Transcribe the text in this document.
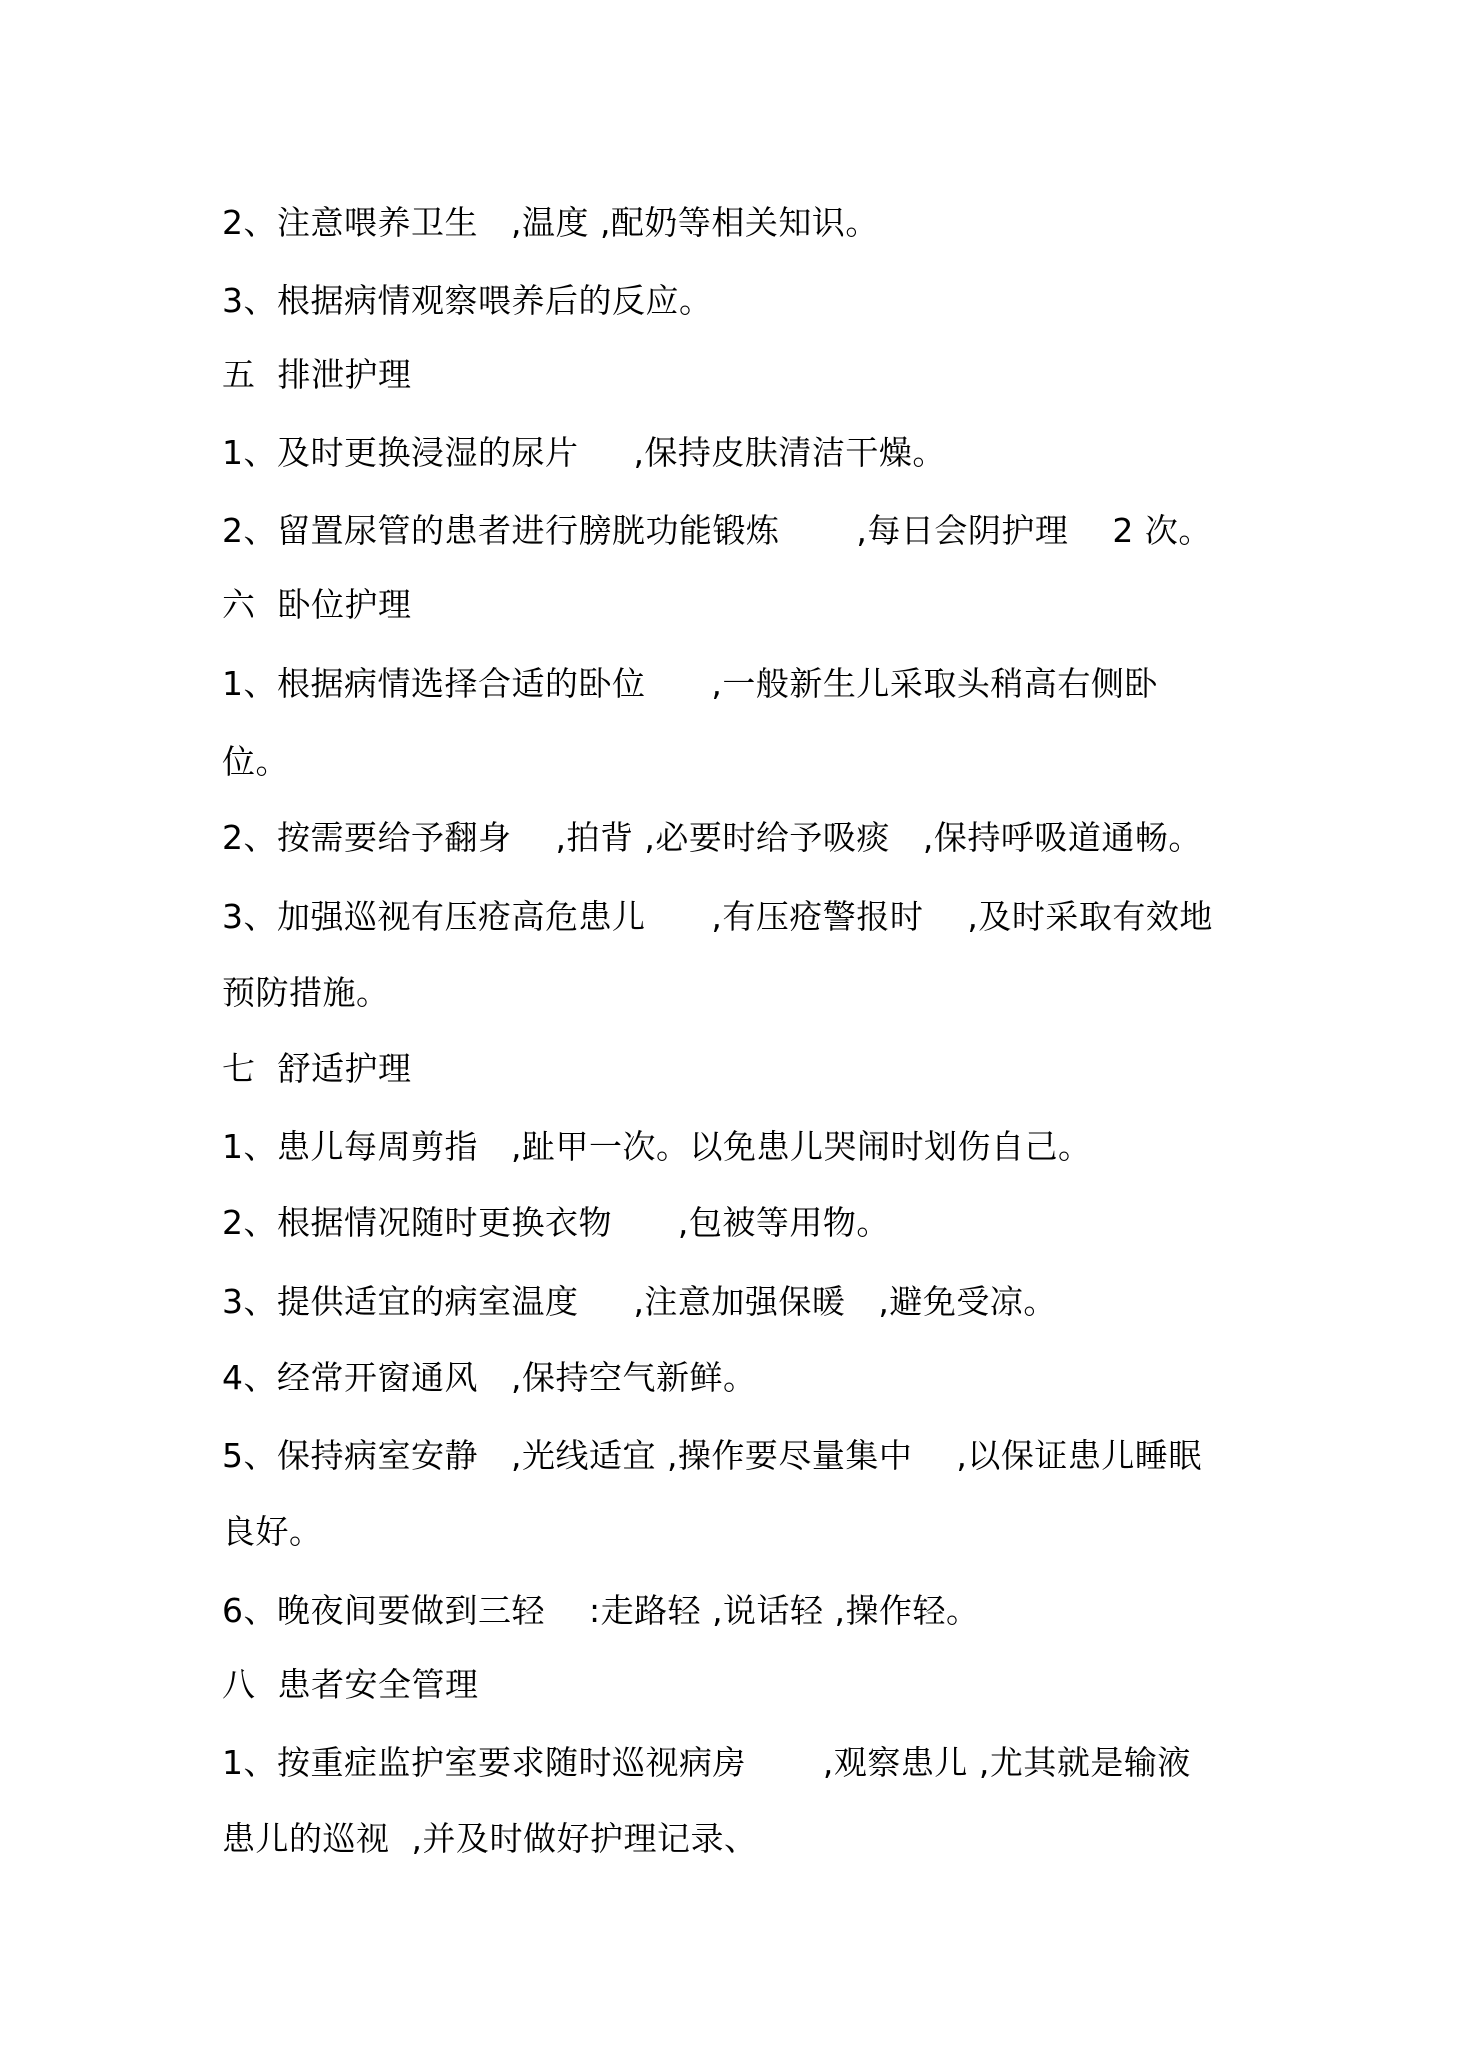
2、注意喂养卫生   ,温度 ,配奶等相关知识。
3、根据病情观察喂养后的反应。
五  排泄护理
1、及时更换浸湿的尿片     ,保持皮肤清洁干燥。
2、留置尿管的患者进行膀胱功能锻炼       ,每日会阴护理    2 次。
六  卧位护理
1、根据病情选择合适的卧位      ,一般新生儿采取头稍高右侧卧
位。
2、按需要给予翻身    ,拍背 ,必要时给予吸痰   ,保持呼吸道通畅。
3、加强巡视有压疮高危患儿      ,有压疮警报时    ,及时采取有效地
预防措施。
七  舒适护理
1、患儿每周剪指   ,趾甲一次。以免患儿哭闹时划伤自己。
2、根据情况随时更换衣物      ,包被等用物。
3、提供适宜的病室温度     ,注意加强保暖   ,避免受凉。
4、经常开窗通风   ,保持空气新鲜。
5、保持病室安静   ,光线适宜 ,操作要尽量集中    ,以保证患儿睡眠
良好。
6、晚夜间要做到三轻    :走路轻 ,说话轻 ,操作轻。
八  患者安全管理
1、按重症监护室要求随时巡视病房       ,观察患儿 ,尤其就是输液
患儿的巡视  ,并及时做好护理记录、
